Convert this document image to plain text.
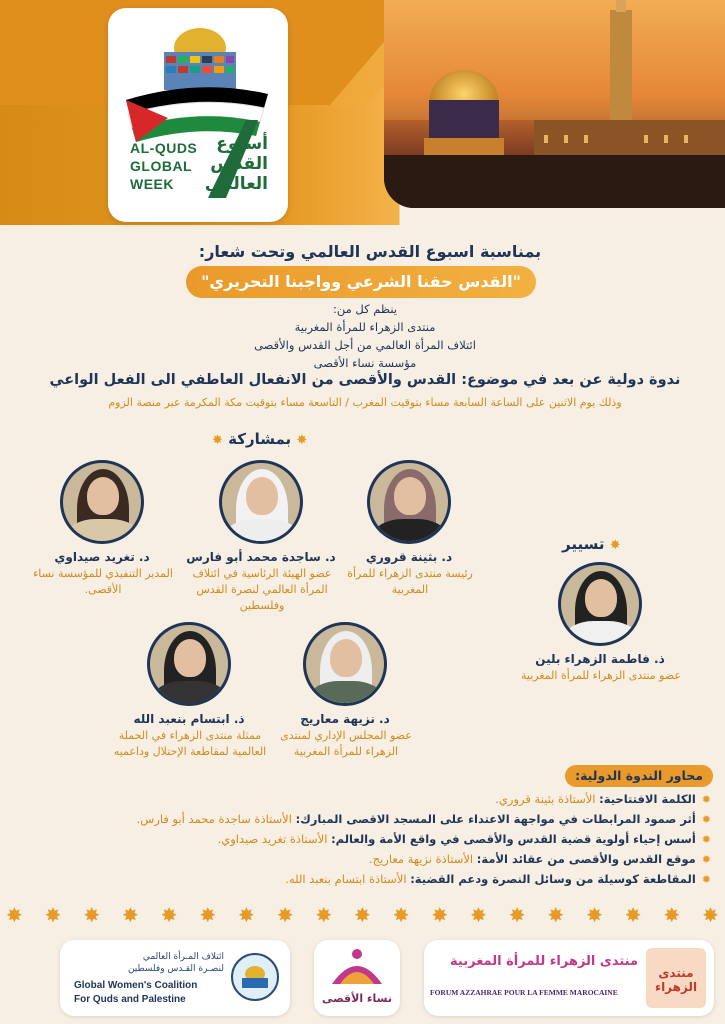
AL-QUDS
GLOBAL
WEEK
أسبوع
القدس
العالمي
بمناسبة اسبوع القدس العالمي وتحت شعار:
"القدس حقنا الشرعي وواجبنا التحريري"
ينظم كل من:
منتدى الزهراء للمرأة المغربية
ائتلاف المرأة العالمي من أجل القدس والأقصى
مؤسسة نساء الأقصى
ندوة دولية عن بعد في موضوع: القدس والأقصى من الانفعال العاطفي الى الفعل الواعي
وذلك يوم الاثنين على الساعة السابعة مساء بتوقيت المغرب / التاسعة مساء بتوقيت مكة المكرمة عبر منصة الزوم
✸ بمشاركة ✸
✸ تسيير
د. بثينة قروري
رئيسة منتدى الزهراء للمرأة المغربية
د. ساجدة محمد أبو فارس
عضو الهيئة الرئاسية في ائتلاف المرأة العالمي لنصرة القدس وفلسطين
د. تغريد صيداوي
المدير التنفيذي للمؤسسة نساء الأقصى.
ذ. فاطمة الزهراء بلين
عضو منتدى الزهراء للمرأة المغربية
د. نزيهة معاريج
عضو المجلس الإداري لمنتدى الزهراء للمرأة المغربية
ذ. ابتسام بنعبد الله
ممثلة منتدى الزهراء في الحملة العالمية لمقاطعة الإحتلال وداعميه
محاور الندوة الدولية:
✹الكلمة الافتتاحية: الأستاذة بثينة قروري.
✹أثر صمود المرابطات في مواجهة الاعتداء على المسجد الاقصى المبارك: الأستاذة ساجدة محمد أبو فارس.
✹أسس إحياء أولوية قضية القدس والأقصى في واقع الأمة والعالم: الأستاذة تغريد صيداوي.
✹موقع القدس والأقصى من عقائد الأمة: الأستاذة نزيهة معاريج.
✹المقاطعة كوسيلة من وسائل النصرة ودعم القضية: الأستاذة ابتسام بنعبد الله.
✸ ✸ ✸ ✸ ✸ ✸ ✸ ✸ ✸ ✸ ✸ ✸ ✸ ✸ ✸ ✸ ✸ ✸ ✸
ائتلاف المـرأة العالمي
لنصـرة القـدس وفلسطين
Global Women's Coalition
For Quds and Palestine	نساء الأقصى
منتدى الزهراء
منتدى الزهراء للمرأة المغربية
FORUM AZZAHRAE POUR LA FEMME MAROCAINE
